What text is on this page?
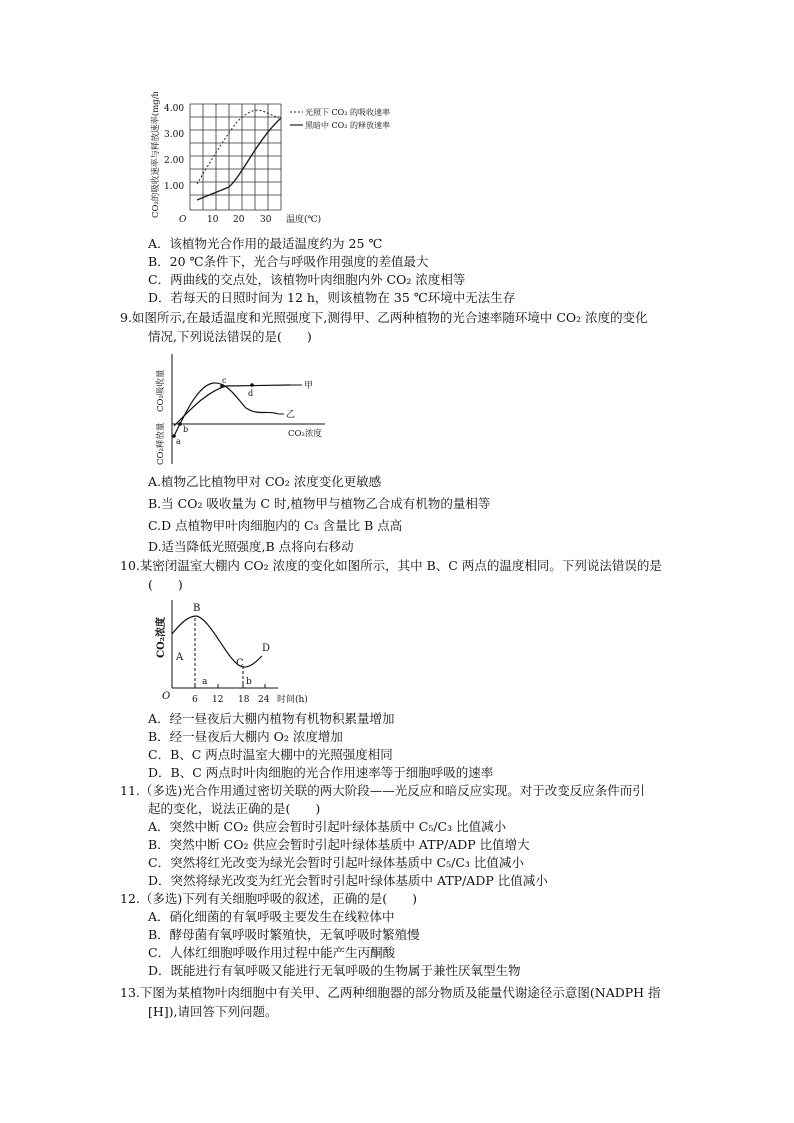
CO₂的吸收速率与释放速率(mg/h) 1.00
2.00
3.00
4.00
O 10 20 30 温度(℃)
光照下 CO₂ 的吸收速率
黑暗中 CO₂ 的释放速率
A．该植物光合作用的最适温度约为 25 ℃
B．20 ℃条件下，光合与呼吸作用强度的差值最大
C．两曲线的交点处，该植物叶肉细胞内外 CO₂ 浓度相等
D．若每天的日照时间为 12 h，则该植物在 35 ℃环境中无法生存
9.如图所示,在最适温度和光照强度下,测得甲、乙两种植物的光合速率随环境中 CO₂ 浓度的变化
情况,下列说法错误的是(　　)
CO₂吸收量
CO₂释放量	CO₂浓度
甲
乙
a
b
c
d
A.植物乙比植物甲对 CO₂ 浓度变化更敏感
B.当 CO₂ 吸收量为 C 时,植物甲与植物乙合成有机物的量相等
C.D 点植物甲叶肉细胞内的 C₃ 含量比 B 点高
D.适当降低光照强度,B 点将向右移动
10.某密闭温室大棚内 CO₂ 浓度的变化如图所示，其中 B、C 两点的温度相同。下列说法错误的是
(　　)
CO₂浓度
O 6 12 18 24 时间(h)
A
B
C
D
a	b
A．经一昼夜后大棚内植物有机物积累量增加
B．经一昼夜后大棚内 O₂ 浓度增加
C．B、C 两点时温室大棚中的光照强度相同
D．B、C 两点时叶肉细胞的光合作用速率等于细胞呼吸的速率
11.（多选)光合作用通过密切关联的两大阶段——光反应和暗反应实现。对于改变反应条件而引
起的变化，说法正确的是(　　)
A．突然中断 CO₂ 供应会暂时引起叶绿体基质中 C₅/C₃ 比值减小
B．突然中断 CO₂ 供应会暂时引起叶绿体基质中 ATP/ADP 比值增大
C．突然将红光改变为绿光会暂时引起叶绿体基质中 C₅/C₃ 比值减小
D．突然将绿光改变为红光会暂时引起叶绿体基质中 ATP/ADP 比值减小
12.（多选)下列有关细胞呼吸的叙述，正确的是(　　)
A．硝化细菌的有氧呼吸主要发生在线粒体中
B．酵母菌有氧呼吸时繁殖快，无氧呼吸时繁殖慢
C．人体红细胞呼吸作用过程中能产生丙酮酸
D．既能进行有氧呼吸又能进行无氧呼吸的生物属于兼性厌氧型生物
13.下图为某植物叶肉细胞中有关甲、乙两种细胞器的部分物质及能量代谢途径示意图(NADPH 指
[H]),请回答下列问题。
